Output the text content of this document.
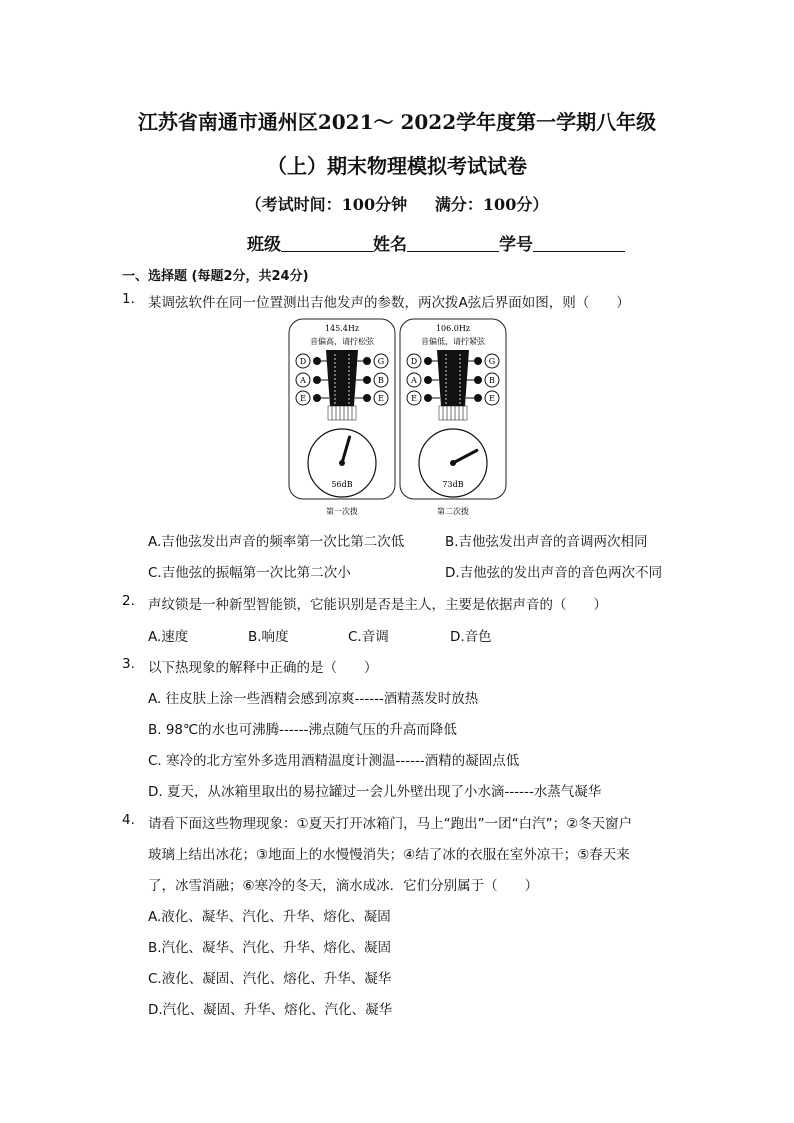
江苏省南通市通州区2021～ 2022学年度第一学期八年级
（上）期末物理模拟考试试卷
（考试时间：100分钟     满分：100分）
班级	姓名	学号
一、选择题 (每题2分，共24分)
1. 某调弦软件在同一位置测出吉他发声的参数，两次拨A弦后界面如图，则（　　）
145.4Hz
音偏高，请拧松弦
D
A
E
G
B
E
56dB
第一次拨
106.0Hz
音偏低，请拧紧弦
D
A
E
G
B
E
73dB
第二次拨
A.吉他弦发出声音的频率第一次比第二次低	B.吉他弦发出声音的音调两次相同
C.吉他弦的振幅第一次比第二次小	D.吉他弦的发出声音的音色两次不同
2. 声纹锁是一种新型智能锁，它能识别是否是主人，主要是依据声音的（　　）
A.速度	B.响度	C.音调	D.音色
3. 以下热现象的解释中正确的是（　　）
A. 往皮肤上涂一些酒精会感到凉爽------酒精蒸发时放热
B. 98℃的水也可沸腾------沸点随气压的升高而降低
C. 寒冷的北方室外多选用酒精温度计测温------酒精的凝固点低
D. 夏天，从冰箱里取出的易拉罐过一会儿外壁出现了小水滴------水蒸气凝华
4. 请看下面这些物理现象：①夏天打开冰箱门，马上“跑出”一团“白汽”；②冬天窗户
玻璃上结出冰花；③地面上的水慢慢消失；④结了冰的衣服在室外凉干；⑤春天来
了，冰雪消融；⑥寒冷的冬天，滴水成冰．它们分别属于（　　）
A.液化、凝华、汽化、升华、熔化、凝固
B.汽化、凝华、汽化、升华、熔化、凝固
C.液化、凝固、汽化、熔化、升华、凝华
D.汽化、凝固、升华、熔化、汽化、凝华
